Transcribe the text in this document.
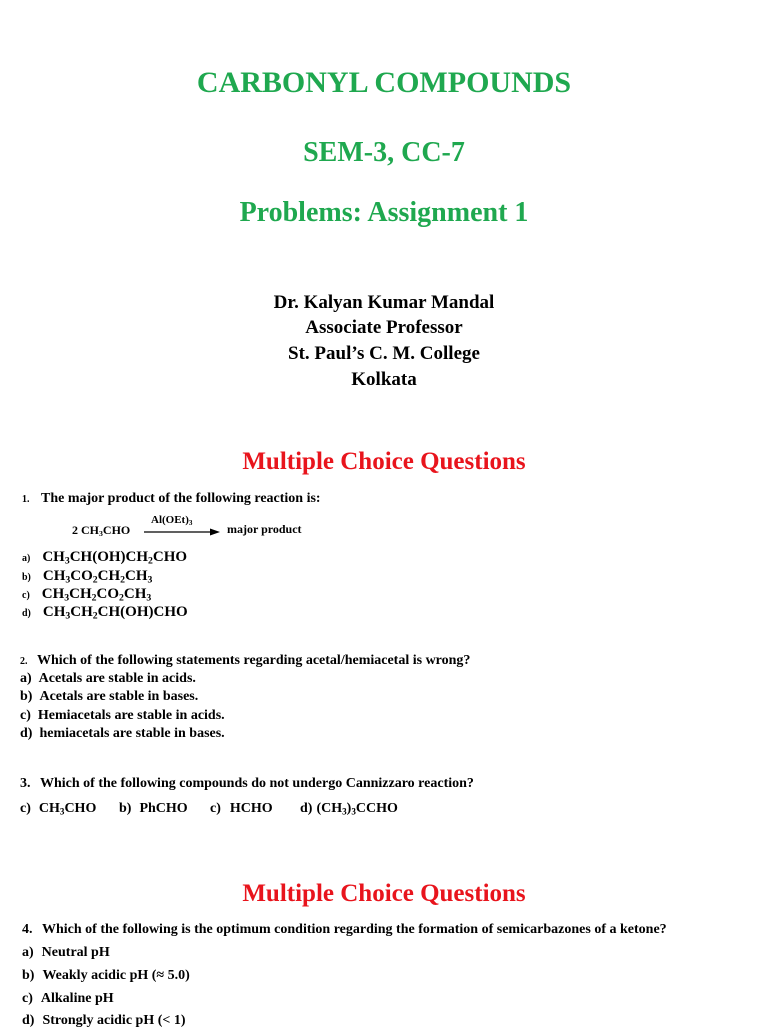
CARBONYL COMPOUNDS
SEM-3, CC-7
Problems: Assignment 1
Dr. Kalyan Kumar Mandal
Associate Professor
St. Paul’s C. M. College
Kolkata
Multiple Choice Questions
1. The major product of the following reaction is:
2 $CH_3CHO$
$Al(OEt)_3$	major product
a) $CH_3CH(OH)CH_2CHO$
b) $CH_3CO_2CH_2CH_3$
c) $CH_3CH_2CO_2CH_3$
d) $CH_3CH_2CH(OH)CHO$
2. Which of the following statements regarding acetal/hemiacetal is wrong?
a) Acetals are stable in acids.
b) Acetals are stable in bases.
c) Hemiacetals are stable in acids.
d) hemiacetals are stable in bases.
3. Which of the following compounds do not undergo Cannizzaro reaction?
c) $CH_3CHO$ b) PhCHO c) HCHO d) $(CH_3)_3CCHO$
Multiple Choice Questions
4. Which of the following is the optimum condition regarding the formation of semicarbazones of a ketone?
a) Neutral pH
b) Weakly acidic pH (≈ 5.0)
c) Alkaline pH
d) Strongly acidic pH (< 1)
